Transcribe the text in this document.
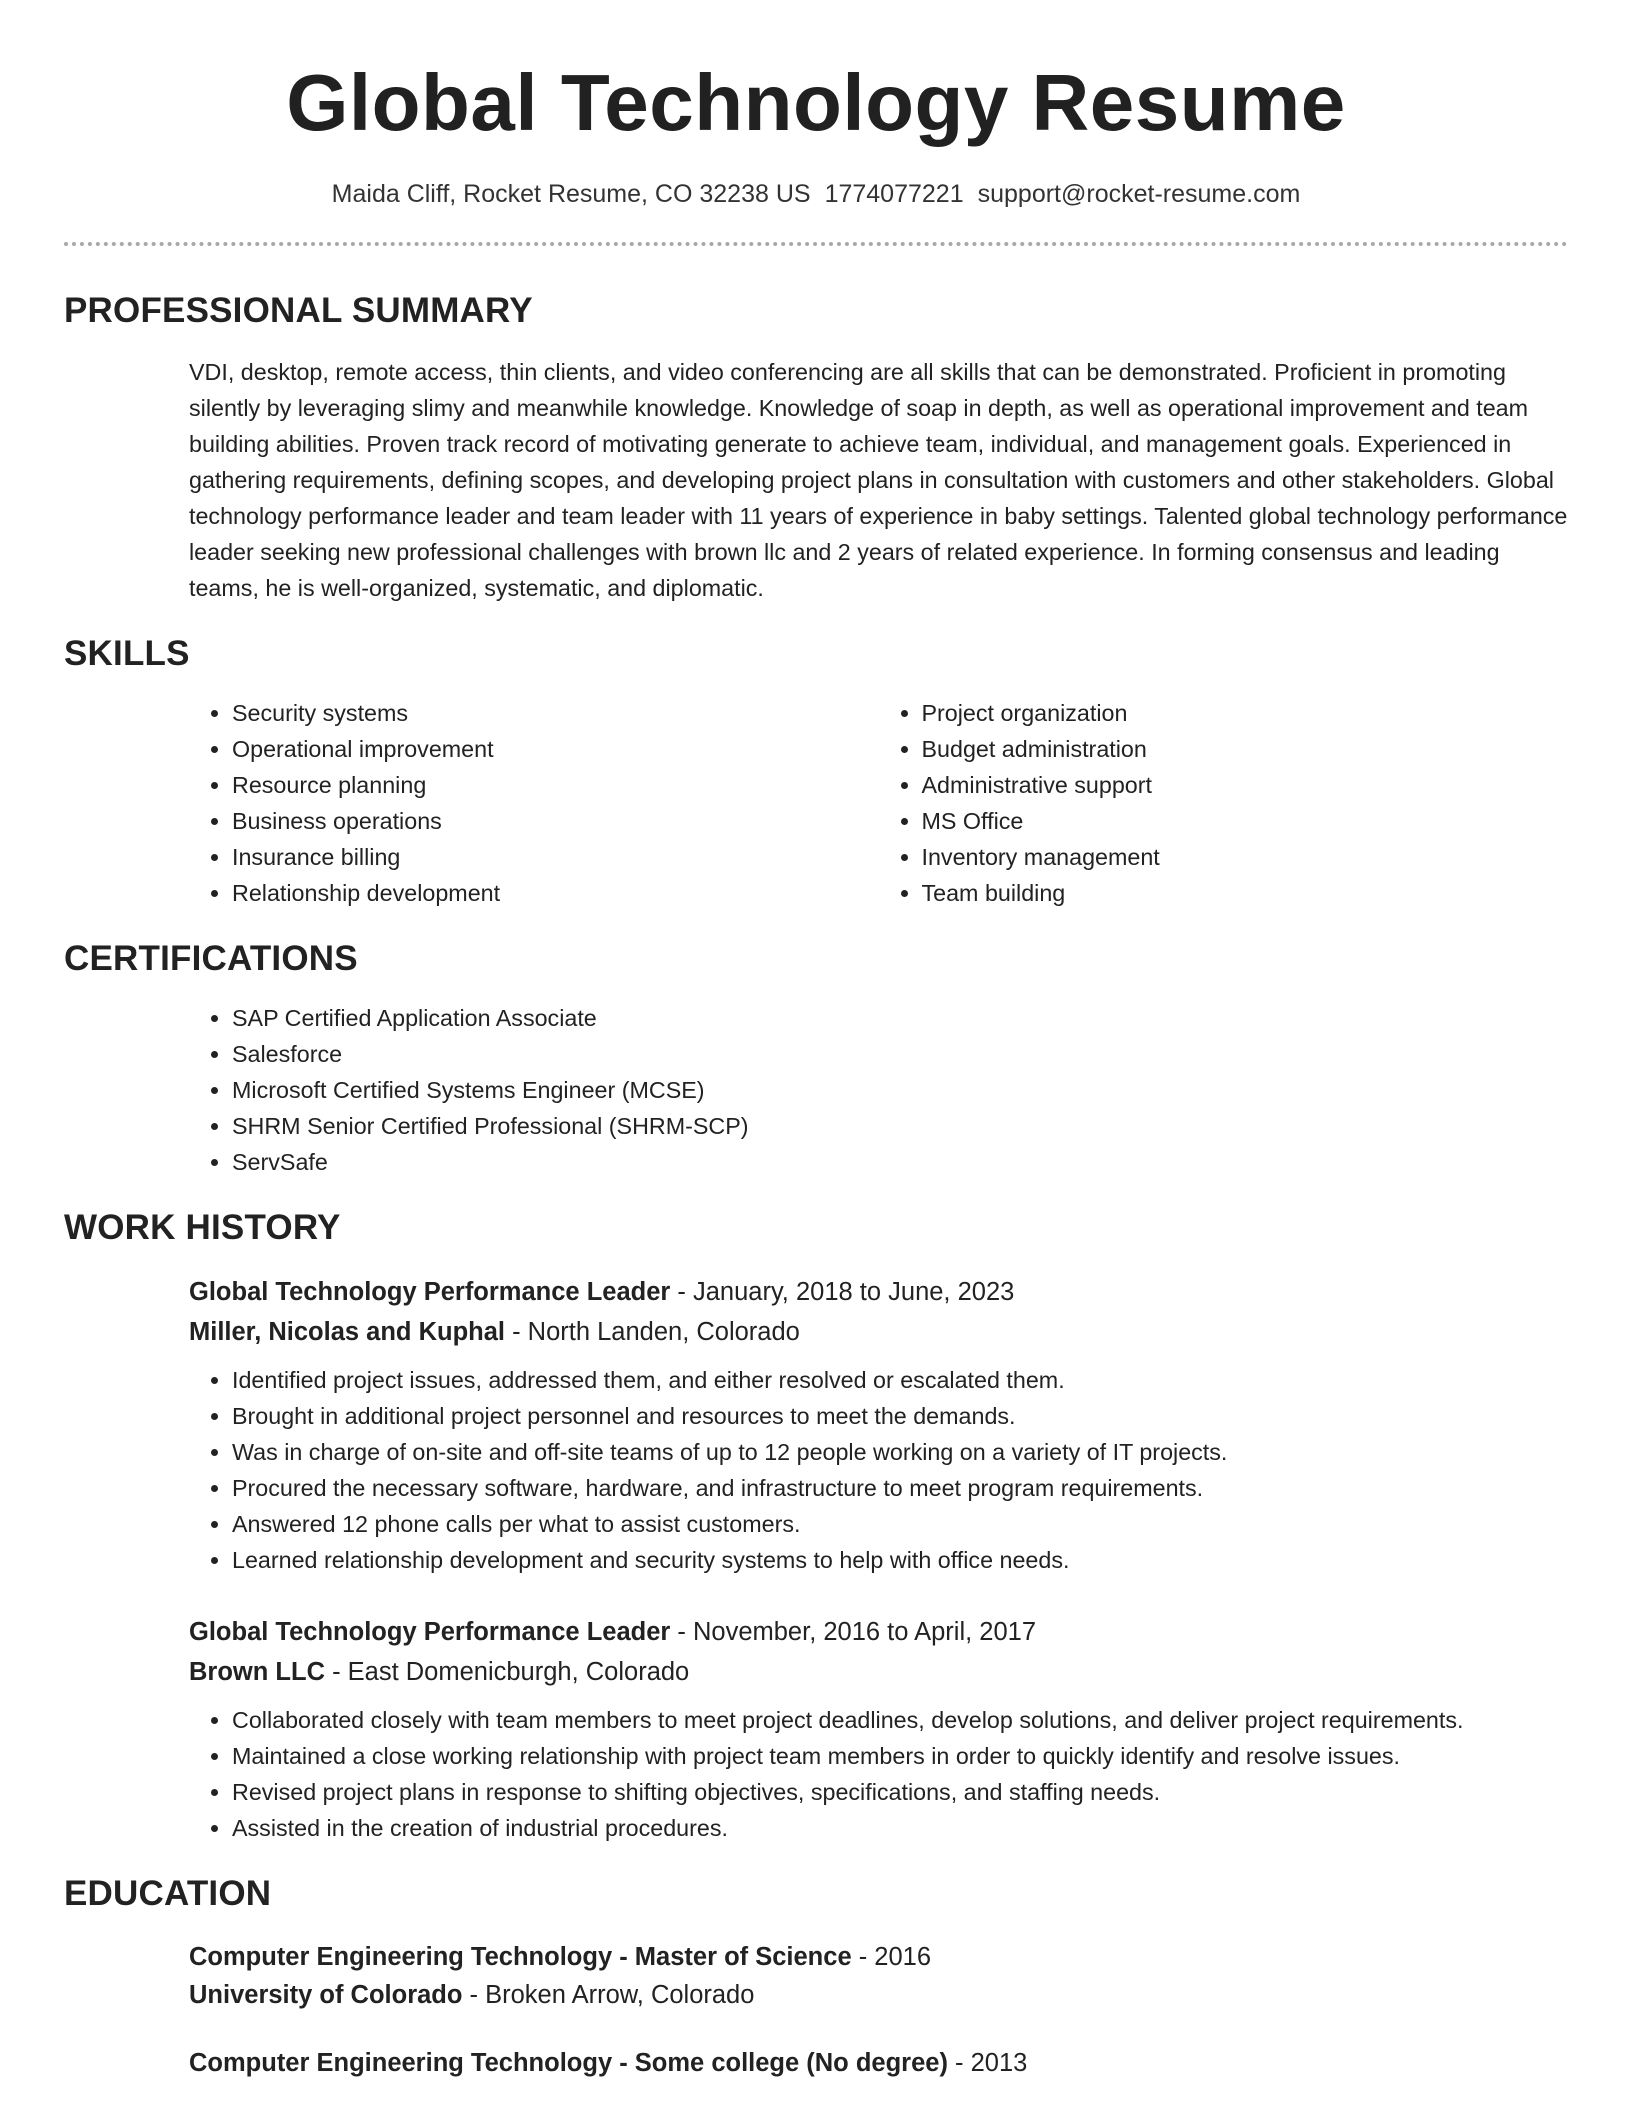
Global Technology Resume
Maida Cliff, Rocket Resume, CO 32238 US 1774077221 support@rocket-resume.com
PROFESSIONAL SUMMARY

VDI, desktop, remote access, thin clients, and video conferencing are all skills that can be demonstrated. Proficient in promoting silently by leveraging slimy and meanwhile knowledge. Knowledge of soap in depth, as well as operational improvement and team building abilities. Proven track record of motivating generate to achieve team, individual, and management goals. Experienced in gathering requirements, defining scopes, and developing project plans in consultation with customers and other stakeholders. Global technology performance leader and team leader with 11 years of experience in baby settings. Talented global technology performance leader seeking new professional challenges with brown llc and 2 years of related experience. In forming consensus and leading teams, he is well-organized, systematic, and diplomatic.

SKILLS
• Security systems
• Operational improvement
• Resource planning
• Business operations
• Insurance billing
• Relationship development
• Project organization
• Budget administration
• Administrative support
• MS Office
• Inventory management
• Team building
CERTIFICATIONS
• SAP Certified Application Associate
• Salesforce
• Microsoft Certified Systems Engineer (MCSE)
• SHRM Senior Certified Professional (SHRM-SCP)
• ServSafe
WORK HISTORY
Global Technology Performance Leader - January, 2018 to June, 2023
Miller, Nicolas and Kuphal - North Landen, Colorado
• Identified project issues, addressed them, and either resolved or escalated them.
• Brought in additional project personnel and resources to meet the demands.
• Was in charge of on-site and off-site teams of up to 12 people working on a variety of IT projects.
• Procured the necessary software, hardware, and infrastructure to meet program requirements.
• Answered 12 phone calls per what to assist customers.
• Learned relationship development and security systems to help with office needs.
Global Technology Performance Leader - November, 2016 to April, 2017
Brown LLC - East Domenicburgh, Colorado
• Collaborated closely with team members to meet project deadlines, develop solutions, and deliver project requirements.
• Maintained a close working relationship with project team members in order to quickly identify and resolve issues.
• Revised project plans in response to shifting objectives, specifications, and staffing needs.
• Assisted in the creation of industrial procedures.
EDUCATION
Computer Engineering Technology - Master of Science - 2016
University of Colorado - Broken Arrow, Colorado
Computer Engineering Technology - Some college (No degree) - 2013
